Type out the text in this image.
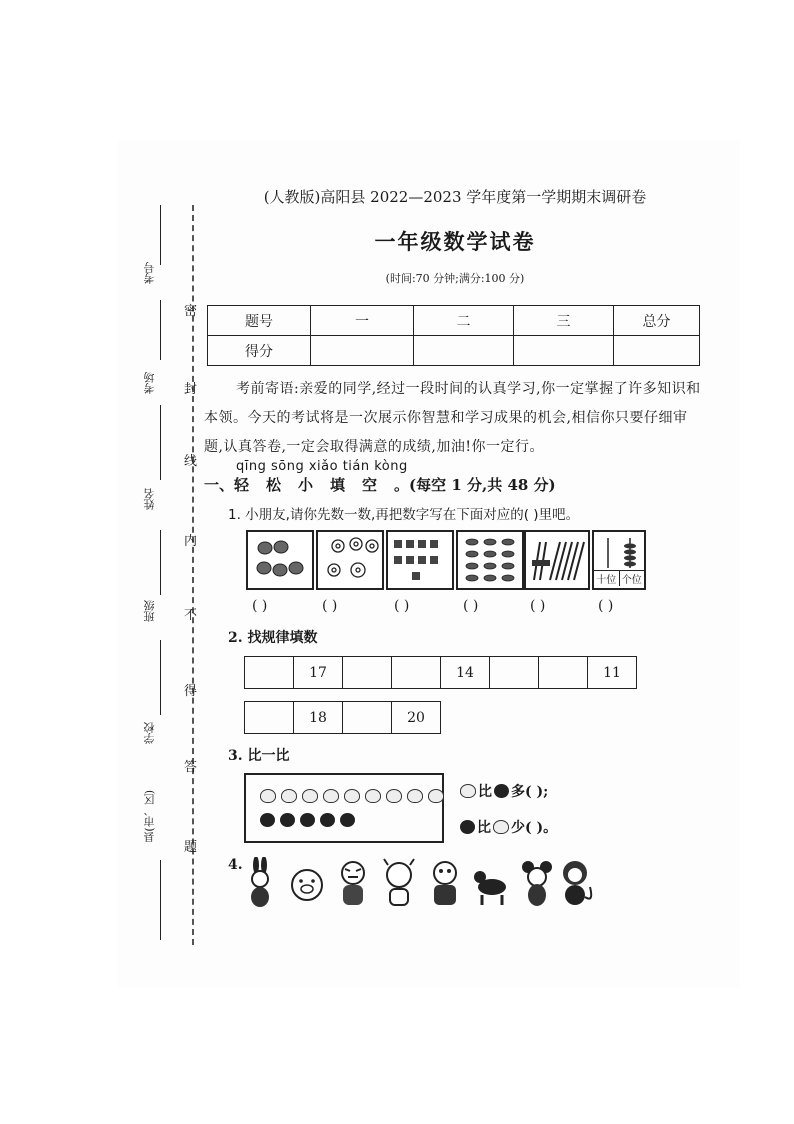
考号
考场
姓名
班级
学校
县(市、区)
密
封
线
内
不
得
答
题
(人教版)高阳县 2022—2023 学年度第一学期期末调研卷
一年级数学试卷
(时间:70 分钟;满分:100 分)
题号	一	二	三	总分
得分				
考前寄语:亲爱的同学,经过一段时间的认真学习,你一定掌握了许多知识和本领。今天的考试将是一次展示你智慧和学习成果的机会,相信你只要仔细审题,认真答卷,一定会取得满意的成绩,加油!你一定行。
qīng sōng xiǎo tián kòng
一、轻松小填空。(每空 1 分,共 48 分)
1. 小朋友,请你先数一数,再把数字写在下面对应的( )里吧。
十位 个位
( )	( )	( )	( )	( )	( )
2. 找规律填数
	17			14			11
	18		20
3. 比一比
比 多( );
比 少( )。
4.
